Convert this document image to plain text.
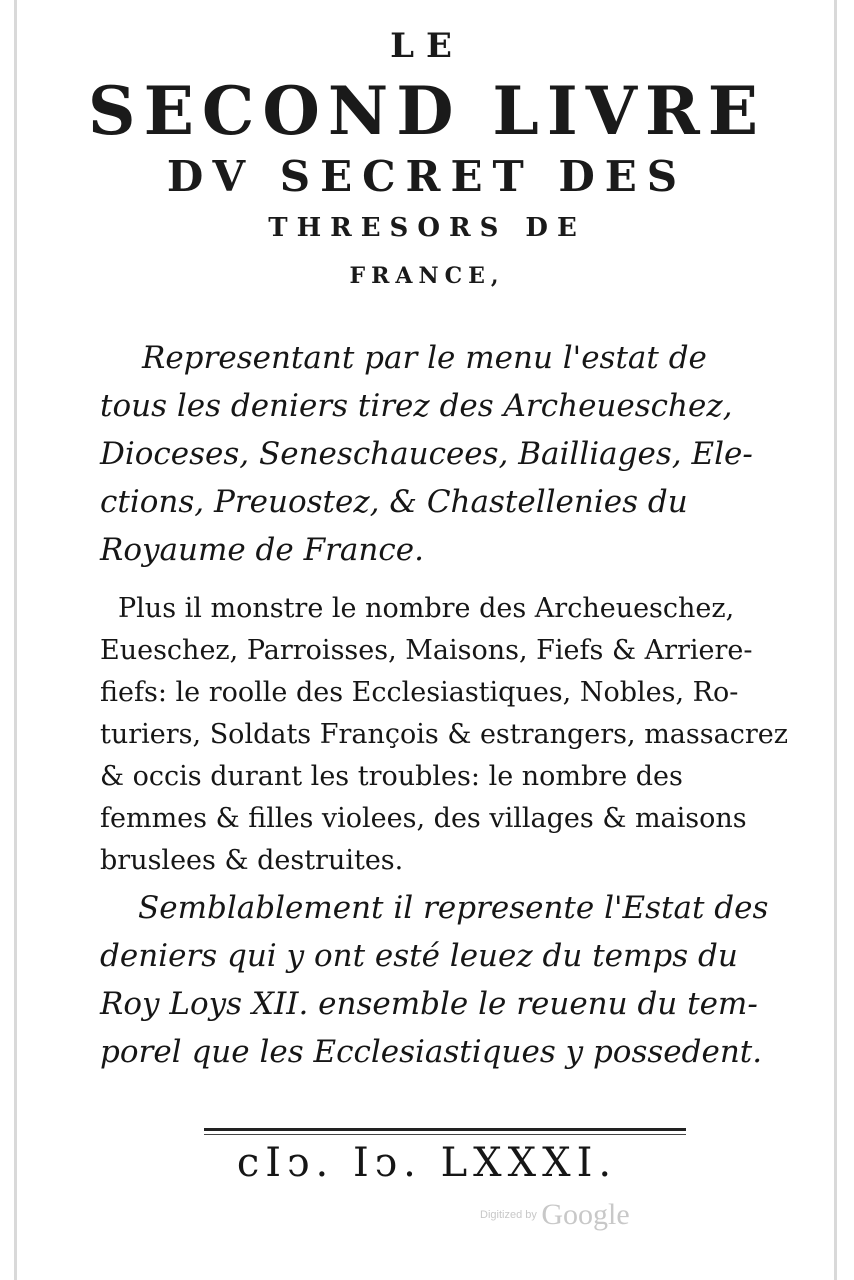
LE
SECOND LIVRE
DV SECRET DES
THRESORS DE
FRANCE,

Representant par le menu l'estat de
tous les deniers tirez des Archeueschez,
Dioceses, Seneschaucees, Bailliages, Ele-
ctions, Preuostez, & Chastellenies du
Royaume de France.

Plus il monstre le nombre des Archeueschez,
Eueschez, Parroisses, Maisons, Fiefs & Arriere-
fiefs: le roolle des Ecclesiastiques, Nobles, Ro-
turiers, Soldats François & estrangers, massacrez
& occis durant les troubles: le nombre des
femmes & filles violees, des villages & maisons
bruslees & destruites.

Semblablement il represente l'Estat des
deniers qui y ont esté leuez du temps du
Roy Loys XII. ensemble le reuenu du tem-
porel que les Ecclesiastiques y possedent.

cIↄ. Iↄ. LXXXI.

Digitized by Google
